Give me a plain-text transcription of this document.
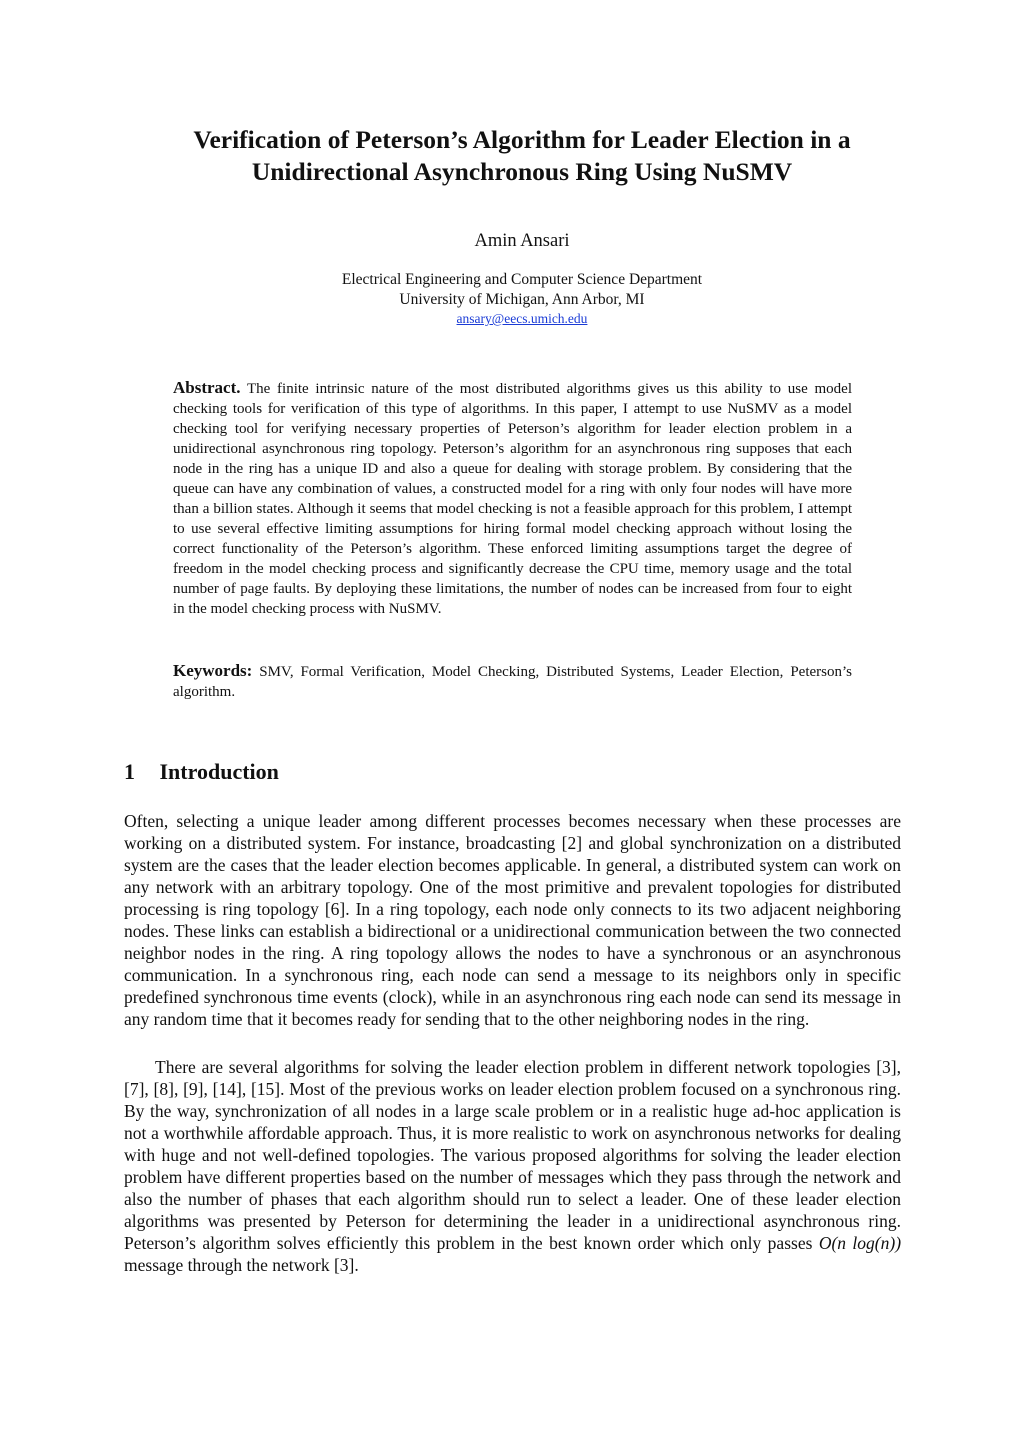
Verification of Peterson’s Algorithm for Leader Election in a
Unidirectional Asynchronous Ring Using NuSMV
Amin Ansari
Electrical Engineering and Computer Science Department
University of Michigan, Ann Arbor, MI
ansary@eecs.umich.edu
Abstract. The finite intrinsic nature of the most distributed algorithms gives us this ability to use model checking tools for verification of this type of algorithms. In this paper, I attempt to use NuSMV as a model checking tool for verifying necessary properties of Peterson’s algorithm for leader election problem in a unidirectional asynchronous ring topology. Peterson’s algorithm for an asynchronous ring supposes that each node in the ring has a unique ID and also a queue for dealing with storage problem. By considering that the queue can have any combination of values, a constructed model for a ring with only four nodes will have more than a billion states. Although it seems that model checking is not a feasible approach for this problem, I attempt to use several effective limiting assumptions for hiring formal model checking approach without losing the correct functionality of the Peterson’s algorithm. These enforced limiting assumptions target the degree of freedom in the model checking process and significantly decrease the CPU time, memory usage and the total number of page faults. By deploying these limitations, the number of nodes can be increased from four to eight in the model checking process with NuSMV.
Keywords: SMV, Formal Verification, Model Checking, Distributed Systems, Leader Election, Peterson’s algorithm.
1 Introduction

Often, selecting a unique leader among different processes becomes necessary when these processes are working on a distributed system. For instance, broadcasting [2] and global synchronization on a distributed system are the cases that the leader election becomes applicable. In general, a distributed system can work on any network with an arbitrary topology. One of the most primitive and prevalent topologies for distributed processing is ring topology [6]. In a ring topology, each node only connects to its two adjacent neighboring nodes. These links can establish a bidirectional or a unidirectional communication between the two connected neighbor nodes in the ring. A ring topology allows the nodes to have a synchronous or an asynchronous communication. In a synchronous ring, each node can send a message to its neighbors only in specific predefined synchronous time events (clock), while in an asynchronous ring each node can send its message in any random time that it becomes ready for sending that to the other neighboring nodes in the ring.

There are several algorithms for solving the leader election problem in different network topologies [3], [7], [8], [9], [14], [15]. Most of the previous works on leader election problem focused on a synchronous ring. By the way, synchronization of all nodes in a large scale problem or in a realistic huge ad-hoc application is not a worthwhile affordable approach. Thus, it is more realistic to work on asynchronous networks for dealing with huge and not well-defined topologies. The various proposed algorithms for solving the leader election problem have different properties based on the number of messages which they pass through the network and also the number of phases that each algorithm should run to select a leader. One of these leader election algorithms was presented by Peterson for determining the leader in a unidirectional asynchronous ring. Peterson’s algorithm solves efficiently this problem in the best known order which only passes O(n log(n)) message through the network [3].
